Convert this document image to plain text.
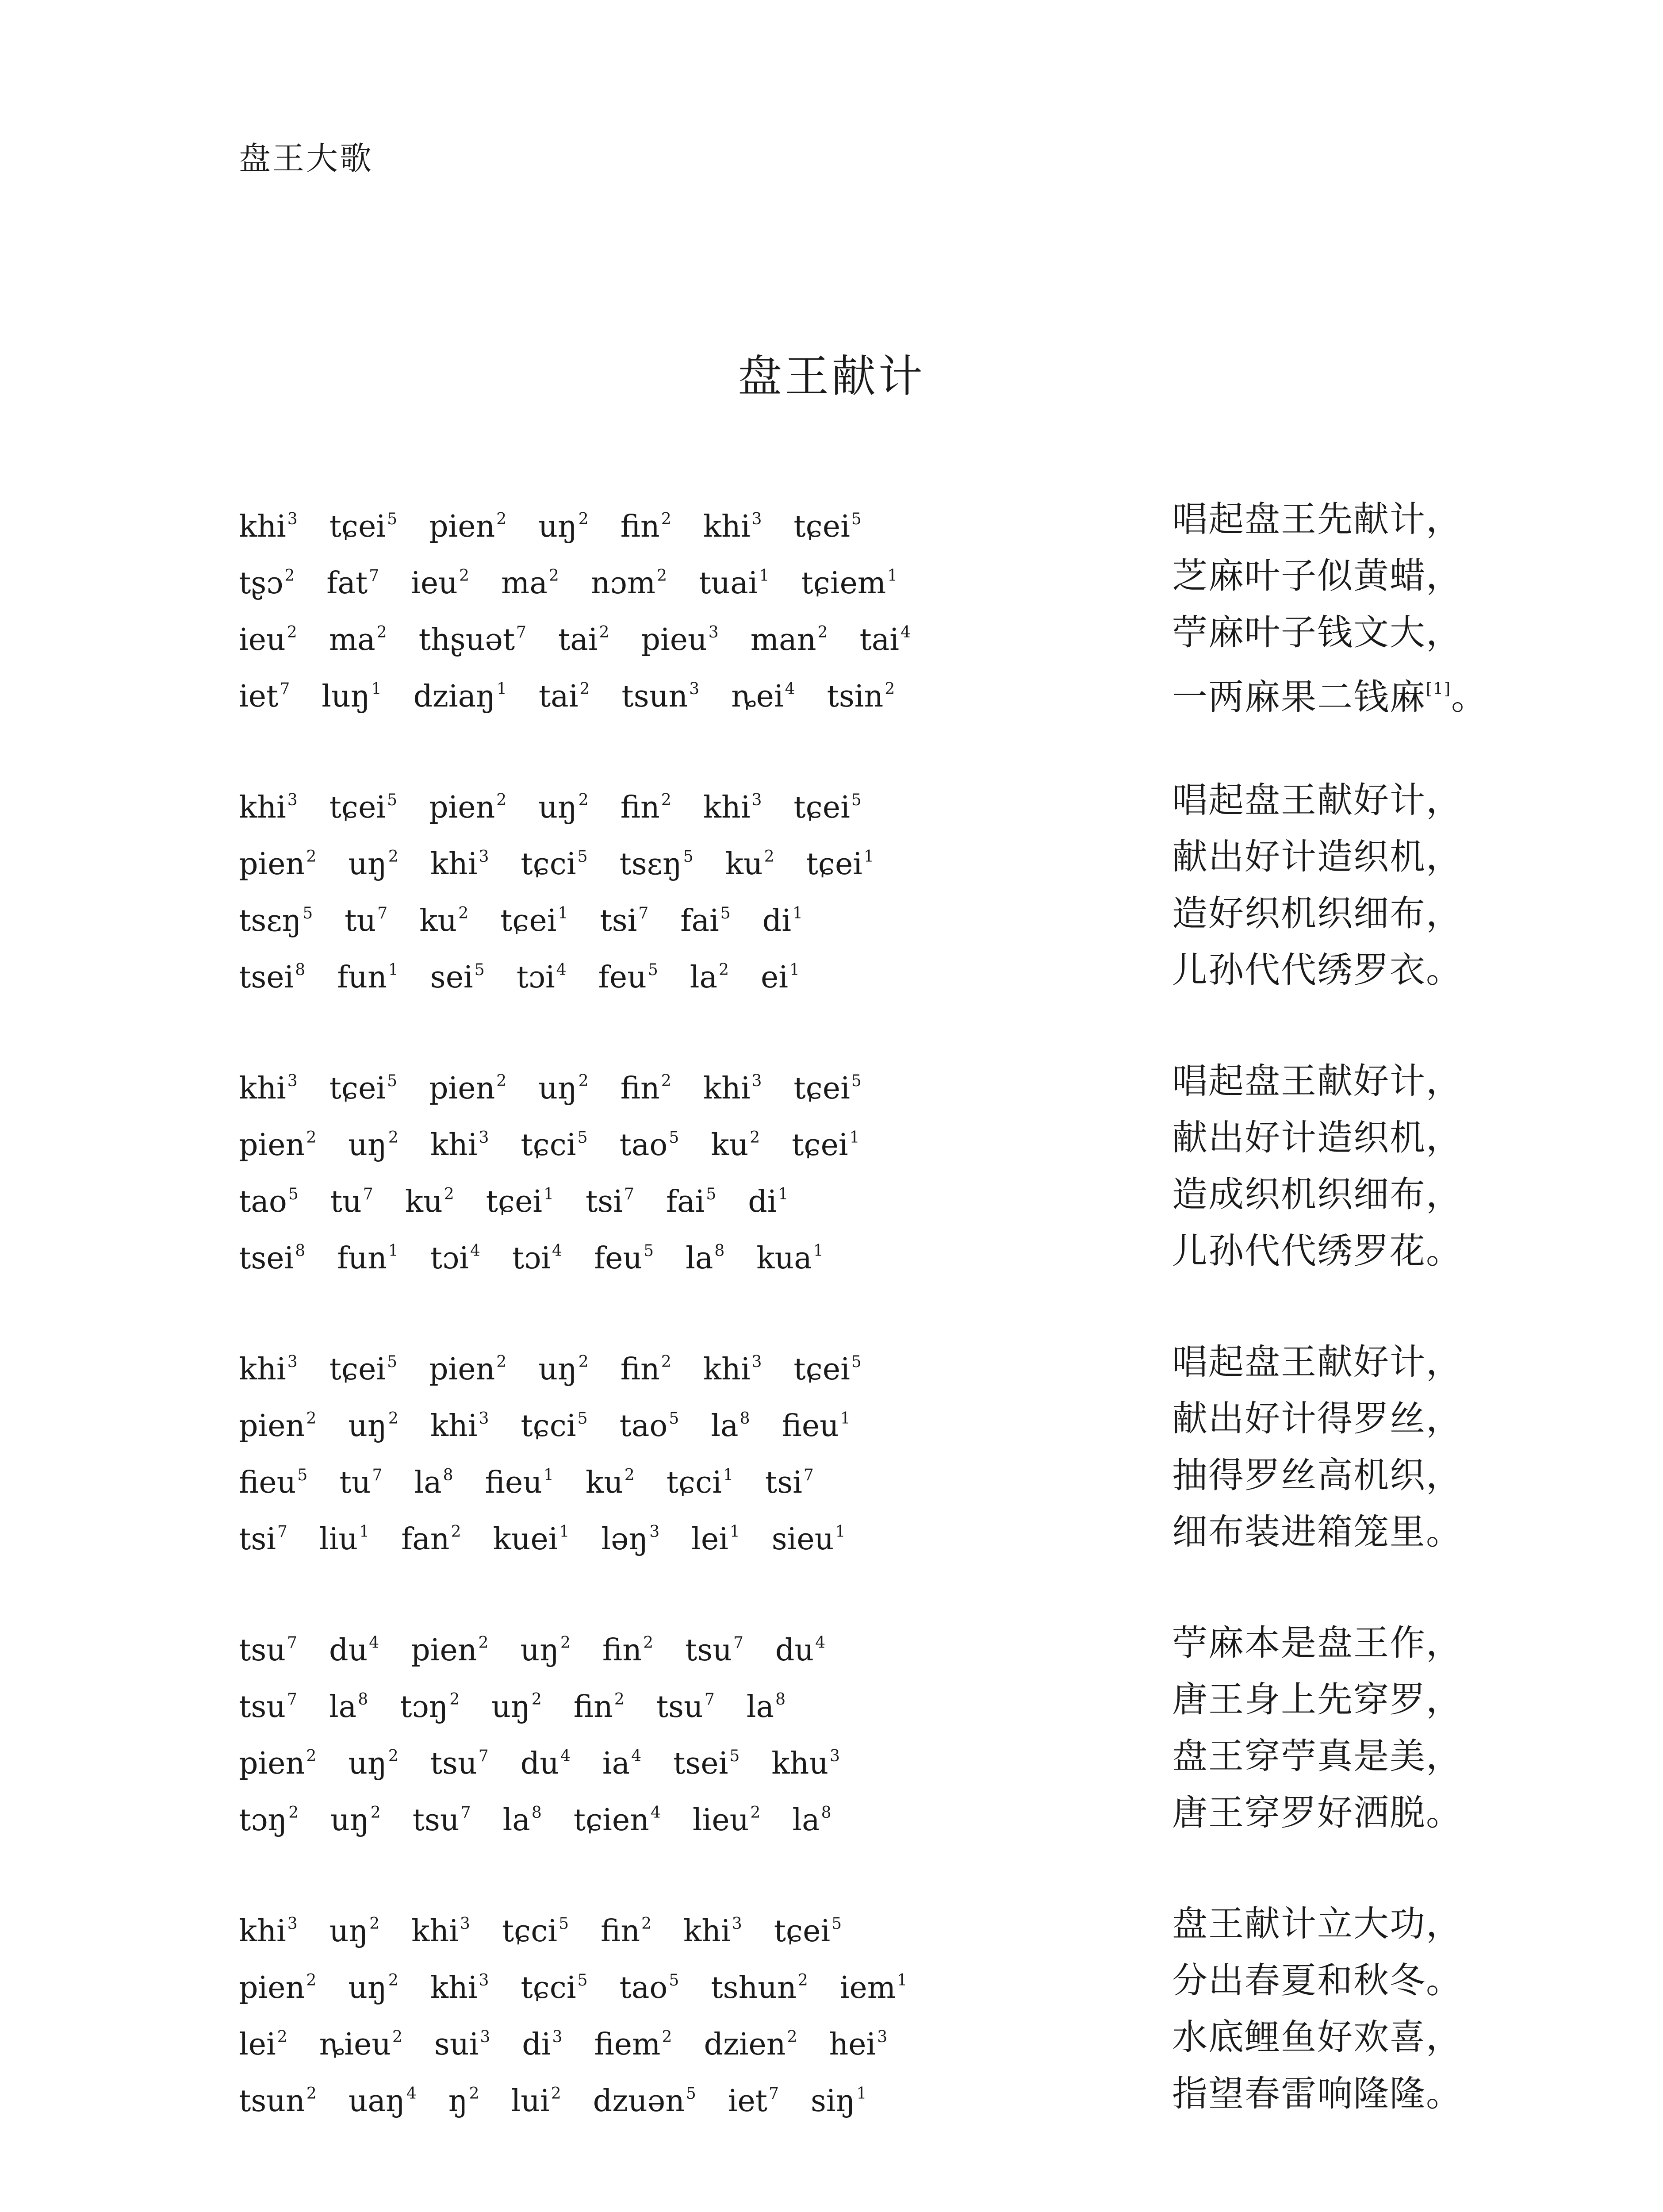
盘王大歌
盘王献计
khi$^3$ tɕei$^5$ pien$^2$ $uŋ^2$ fin$^2$ khi$^3$ tɕei$^5$	唱起盘王先献计，
tʂɔ$^2$ fat$^7$ ieu$^2$ $ma^2$ nɔm$^2$ tuai$^1$ tɕiem$^1$	芝麻叶子似黄蜡，
ieu$^2$ $ma^2$ thʂuət$^7$ tai$^2$ pieu$^3$ man$^2$ tai$^4$	苧麻叶子钱文大，
iet$^7$ luŋ$^1$ dziaŋ$^1$ tai$^2$ tsun$^3$ ȵei$^4$ tsin$^2$	一两麻果二钱麻[1]。
khi$^3$ tɕei$^5$ pien$^2$ $uŋ^2$ fin$^2$ khi$^3$ tɕei$^5$	唱起盘王献好计，
pien$^2$ $uŋ^2$ khi$^3$ tɕci$^5$ tsɛŋ$^5$ $ku^2$ tɕei$^1$	献出好计造织机，
tsɛŋ$^5$ $tu^7$ $ku^2$ tɕei$^1$ tsi$^7$ fai$^5$ $di^1$	造好织机织细布，
tsei$^8$ fun$^1$ sei$^5$ tɔi$^4$ feu$^5$ $la^2$ $ei^1$	儿孙代代绣罗衣。
khi$^3$ tɕei$^5$ pien$^2$ $uŋ^2$ fin$^2$ khi$^3$ tɕei$^5$	唱起盘王献好计，
pien$^2$ $uŋ^2$ khi$^3$ tɕci$^5$ tao$^5$ $ku^2$ tɕei$^1$	献出好计造织机，
tao$^5$ $tu^7$ $ku^2$ tɕei$^1$ tsi$^7$ fai$^5$ $di^1$	造成织机织细布，
tsei$^8$ fun$^1$ tɔi$^4$ tɔi$^4$ feu$^5$ $la^8$ kua$^1$	儿孙代代绣罗花。
khi$^3$ tɕei$^5$ pien$^2$ $uŋ^2$ fin$^2$ khi$^3$ tɕei$^5$	唱起盘王献好计，
pien$^2$ $uŋ^2$ khi$^3$ tɕci$^5$ tao$^5$ $la^8$ fieu$^1$	献出好计得罗丝，
fieu$^5$ $tu^7$ $la^8$ fieu$^1$ $ku^2$ tɕci$^1$ tsi$^7$	抽得罗丝高机织，
tsi$^7$ liu$^1$ fan$^2$ kuei$^1$ ləŋ$^3$ lei$^1$ sieu$^1$	细布装进箱笼里。
tsu$^7$ $du^4$ pien$^2$ $uŋ^2$ fin$^2$ tsu$^7$ $du^4$	苧麻本是盘王作，
tsu$^7$ $la^8$ tɔŋ$^2$ $uŋ^2$ fin$^2$ tsu$^7$ $la^8$	唐王身上先穿罗，
pien$^2$ $uŋ^2$ tsu$^7$ $du^4$ $ia^4$ tsei$^5$ khu$^3$	盘王穿苧真是美，
tɔŋ$^2$ $uŋ^2$ tsu$^7$ $la^8$ tɕien$^4$ lieu$^2$ $la^8$	唐王穿罗好洒脱。
khi$^3$ $uŋ^2$ khi$^3$ tɕci$^5$ fin$^2$ khi$^3$ tɕei$^5$	盘王献计立大功，
pien$^2$ $uŋ^2$ khi$^3$ tɕci$^5$ tao$^5$ tshun$^2$ iem$^1$	分出春夏和秋冬。
lei$^2$ ȵieu$^2$ sui$^3$ $di^3$ fiem$^2$ dzien$^2$ hei$^3$	水底鲤鱼好欢喜，
tsun$^2$ uaŋ$^4$ $ŋ^2$ lui$^2$ dzuən$^5$ iet$^7$ siŋ$^1$	指望春雷响隆隆。
